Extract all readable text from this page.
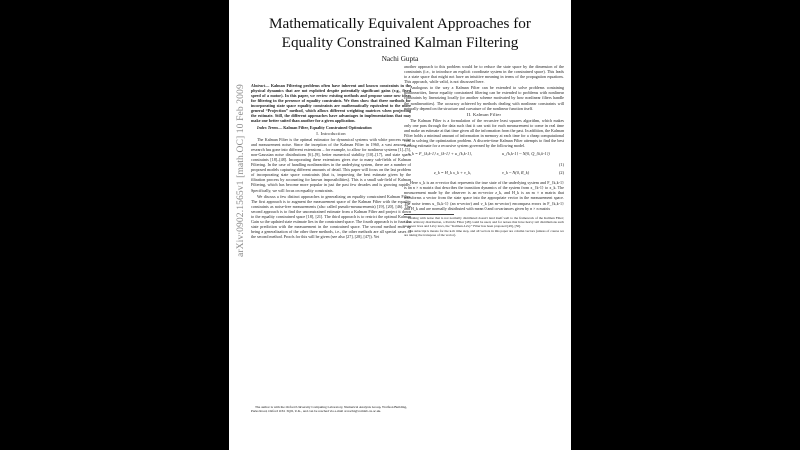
arXiv:0902.1565v1 [math.OC] 10 Feb 2009
Mathematically Equivalent Approaches for Equality Constrained Kalman Filtering
Nachi Gupta

Abstract— Kalman Filtering problems often have inherent and known constraints in the physical dynamics that are not exploited despite potentially significant gains (e.g., fixed speed of a motor). In this paper, we review existing methods and propose some new ideas for filtering in the presence of equality constraints. We then show that three methods for incorporating state space equality constraints are mathematically equivalent to the more general “Projection” method, which allows different weighting matrices when projecting the estimate. Still, the different approaches have advantages in implementations that may make one better suited than another for a given application.

Index Terms— Kalman Filter, Equality Constrained Optimization

I. Introduction

The Kalman Filter is the optimal estimator for dynamical systems with white process noise and measurement noise. Since the inception of the Kalman Filter in 1960, a vast amount of research has gone into different extensions – for example, to allow for nonlinear systems [1]–[5], non-Gaussian noise distributions [6]–[9], better numerical stability [10]–[17], and state space constraints [18]–[48]. Incorporating these extensions gives rise to many sub-fields of Kalman Filtering. In the case of handling nonlinearities in the underlying system, there are a number of proposed models capturing different amounts of detail. This paper will focus on the last problem of incorporating state space constraints (that is, improving the best estimate given by the filtration process by accounting for known impossibilities). This is a small sub-field of Kalman Filtering, which has become more popular in just the past few decades and is growing rapidly. Specifically, we will focus on equality constraints.

We discuss a few distinct approaches to generalizing an equality constrained Kalman Filter. The first approach is to augment the measurement space of the Kalman Filter with the equality constraints as noise-free measurements (also called pseudo-measurements) [19], [20], [46]. The second approach is to find the unconstrained estimate from a Kalman Filter and project it down to the equality constrained space [18], [21]. The third approach is to restrict the optimal Kalman Gain so the updated state estimate lies in the constrained space. The fourth approach is to fuse the state prediction with the measurement in the constrained space. The second method ends up being a generalization of the other three methods, i.e., the other methods are all special cases of the second method. Proofs for this will be given (see also [27], [28], [47]). Yet

The author is with the Oxford University Computing Laboratory, Numerical Analysis Group, Wolfson Building, Parks Road, Oxford OX1 3QD, U.K., and can be reached via e-mail at nachi@comlab.ox.ac.uk.

another approach to this problem would be to reduce the state space by the dimension of the constraints (i.e., to introduce an explicit coordinate system in the constrained space). This leads to a state space that might not have an intuitive meaning in terms of the propagation equations. This approach, while valid, is not discussed here.

Analogous to the way a Kalman Filter can be extended to solve problems containing nonlinearities, linear equality constrained filtering can be extended to problems with nonlinear constraints by linearizing locally (or another scheme motivated by how nonlinear filters handle the nonlinearities). The accuracy achieved by methods dealing with nonlinear constraints will naturally depend on the structure and curvature of the nonlinear function itself.

II. Kalman Filter

The Kalman Filter is a formulation of the recursive least squares algorithm, which makes only one pass through the data such that it can wait for each measurement to come in real time and make an estimate at that time given all the information from the past. In addition, the Kalman Filter holds a minimal amount of information in memory at each time for a cheap computational cost in solving the optimization problem. A discrete-time Kalman Filter attempts to find the best running estimate for a recursive system governed by the following model.

x_k = F_{k,k-1} x_{k-1} + u_{k,k-1},	u_{k,k-1} ~ N(0, Q_{k,k-1})
(1)
z_k = H_k x_k + v_k,	v_k ~ N(0, R_k)	(2)

Here x_k is an n-vector that represents the true state of the underlying system and F_{k,k-1} is an n × n matrix that describes the transition dynamics of the system from x_{k-1} to x_k. The measurement made by the observer is an m-vector z_k, and H_k is an m × n matrix that transforms a vector from the state space into the appropriate vector in the measurement space. The noise terms u_{k,k-1} (an n-vector) and v_k (an m-vector) encompass errors in F_{k,k-1} and H_k and are normally distributed with mean 0 and covariances given by n × n matrix

Dealing with noise that is not normally distributed doesn't lend itself well to the framework of the Kalman Filter; for an arbitrary distribution, a Particle Filter [48] could be used, and for noises that have heavy tail distributions such as power laws and Lévy laws, the “Kalman-Lévy” Filter has been proposed [49], [50].
The subscript k means for the k-th time step, and all vectors in this paper are column vectors (unless of course we are taking the transpose of the vector).
